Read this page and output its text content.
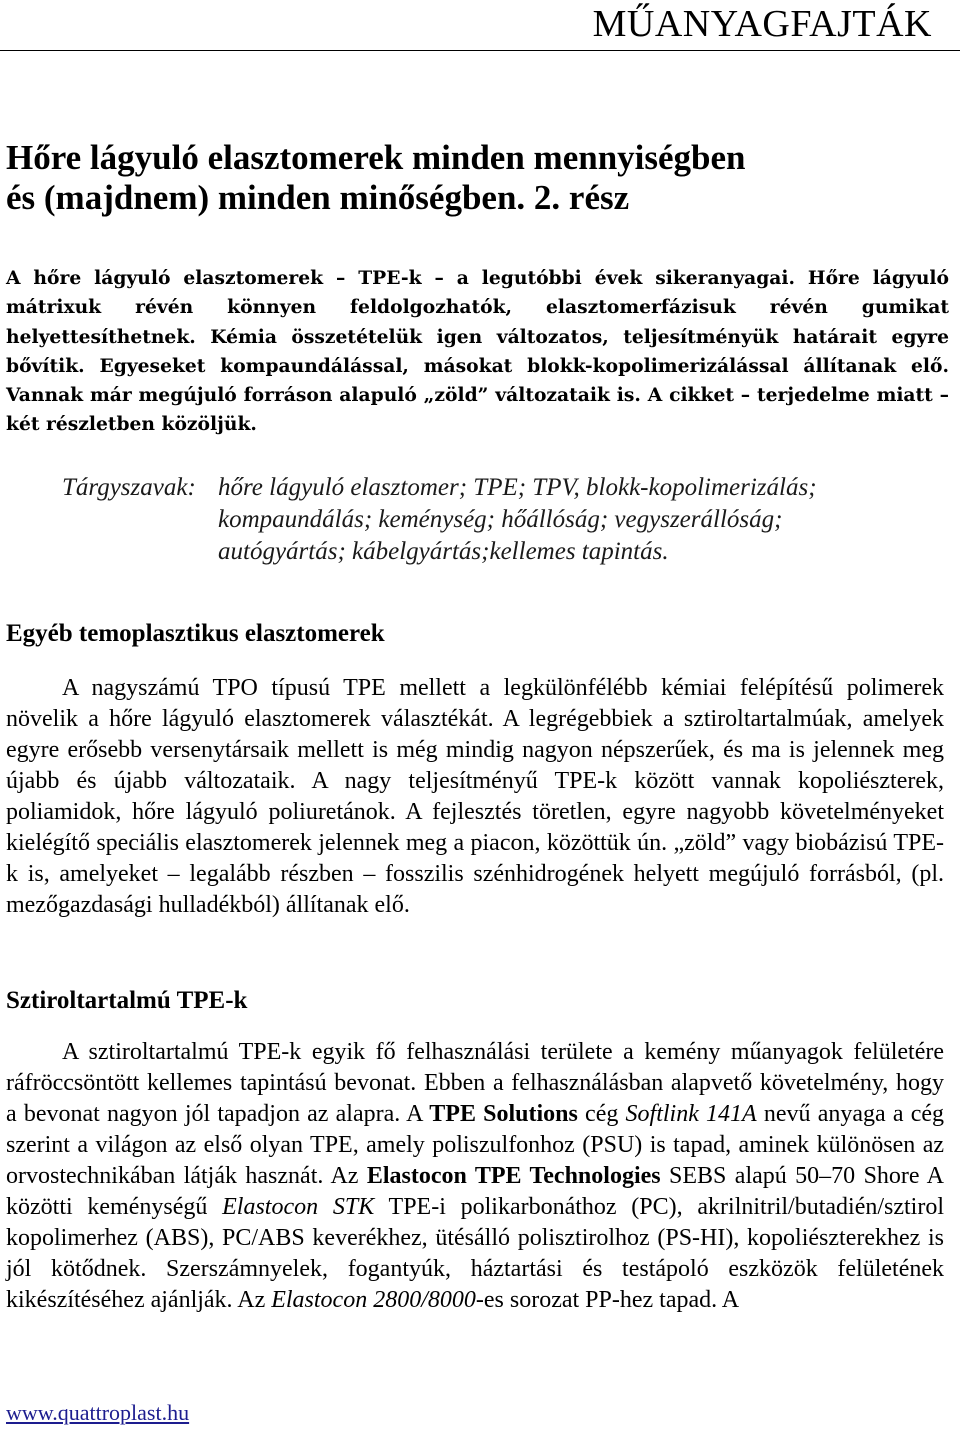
MŰANYAGFAJTÁK
Hőre lágyuló elasztomerek minden mennyiségben
és (majdnem) minden minőségben. 2. rész

A hőre lágyuló elasztomerek – TPE-k – a legutóbbi évek sikeranyagai. Hőre lágyuló mátrixuk révén könnyen feldolgozhatók, elasztomerfázisuk révén gumikat helyettesíthetnek. Kémia összetételük igen változatos, teljesítményük határait egyre bővítik. Egyeseket kompaundálással, másokat blokk-kopolimerizálással állítanak elő. Vannak már megújuló forráson alapuló „zöld” változataik is. A cikket – terjedelme miatt – két részletben közöljük.

Tárgyszavak: hőre lágyuló elasztomer; TPE; TPV, blokk-kopolimerizálás;
kompaundálás; keménység; hőállóság; vegyszerállóság;
autógyártás; kábelgyártás;kellemes tapintás.
Egyéb temoplasztikus elasztomerek

A nagyszámú TPO típusú TPE mellett a legkülönfélébb kémiai felépítésű polimerek növelik a hőre lágyuló elasztomerek választékát. A legrégebbiek a sztiroltartalmúak, amelyek egyre erősebb versenytársaik mellett is még mindig nagyon népszerűek, és ma is jelennek meg újabb és újabb változataik. A nagy teljesítményű TPE-k között vannak kopoliészterek, poliamidok, hőre lágyuló poliuretánok. A fejlesztés töretlen, egyre nagyobb követelményeket kielégítő speciális elasztomerek jelennek meg a piacon, közöttük ún. „zöld” vagy biobázisú TPE-k is, amelyeket – legalább részben – fosszilis szénhidrogének helyett megújuló forrásból, (pl. mezőgazdasági hulladékból) állítanak elő.

Sztiroltartalmú TPE-k

A sztiroltartalmú TPE-k egyik fő felhasználási területe a kemény műanyagok felületére ráfröccsöntött kellemes tapintású bevonat. Ebben a felhasználásban alapvető követelmény, hogy a bevonat nagyon jól tapadjon az alapra. A TPE Solutions cég Softlink 141A nevű anyaga a cég szerint a világon az első olyan TPE, amely poliszulfonhoz (PSU) is tapad, aminek különösen az orvostechnikában látják hasznát. Az Elastocon TPE Technologies SEBS alapú 50–70 Shore A közötti keménységű Elastocon STK TPE-i polikarbonáthoz (PC), akrilnitril/butadién/sztirol kopolimerhez (ABS), PC/ABS keverékhez, ütésálló polisztirolhoz (PS-HI), kopoliészterekhez is jól kötődnek. Szerszámnyelek, fogantyúk, háztartási és testápoló eszközök felületének kikészítéséhez ajánlják. Az Elastocon 2800/8000-es sorozat PP-hez tapad. A

www.quattroplast.hu
